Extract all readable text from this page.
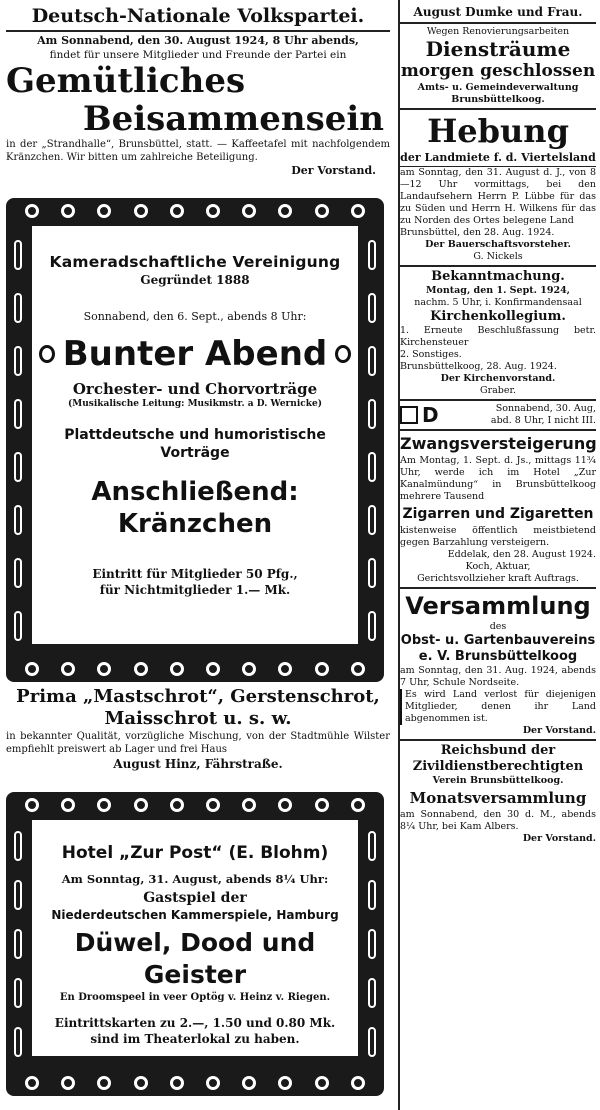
Deutsch-Nationale Volkspartei.
Am Sonnabend, den 30. August 1924, 8 Uhr abends,
findet für unsere Mitglieder und Freunde der Partei ein
Gemütliches
Beisammensein
in der „Strandhalle“, Brunsbüttel, statt. — Kaffeetafel mit nachfolgendem Kränzchen. Wir bitten um zahlreiche Beteiligung.
Der Vorstand.
Kameradschaftliche Vereinigung
Gegründet 1888
Sonnabend, den 6. Sept., abends 8 Uhr:
Bunter Abend
Orchester- und Chorvorträge
(Musikalische Leitung: Musikmstr. a D. Wernicke)
Plattdeutsche und humoristische Vorträge
Anschließend: Kränzchen
Eintritt für Mitglieder 50 Pfg.,
für Nichtmitglieder 1.— Mk.
Prima „Mastschrot“, Gerstenschrot,
Maisschrot u. s. w.
in bekannter Qualität, vorzügliche Mischung, von der Stadtmühle Wilster empfiehlt preiswert ab Lager und frei Haus
August Hinz, Fährstraße.
Hotel „Zur Post“ (E. Blohm)
Am Sonntag, 31. August, abends 8¼ Uhr:
Gastspiel der
Niederdeutschen Kammerspiele, Hamburg
Düwel, Dood und Geister
En Droomspeel in veer Optög v. Heinz v. Riegen.
Eintrittskarten zu 2.—, 1.50 und 0.80 Mk.
sind im Theaterlokal zu haben.
August Dumke und Frau.
Wegen Renovierungsarbeiten
Diensträume
morgen geschlossen
Amts- u. Gemeindeverwaltung
Brunsbüttelkoog.
Hebung
der Landmiete f. d. Viertelsland
am Sonntag, den 31. August d. J., von 8—12 Uhr vormittags, bei den Landaufsehern Herrn P. Lübbe für das zu Süden und Herrn H. Wilkens für das zu Norden des Ortes belegene Land
Brunsbüttel, den 28. Aug. 1924.
Der Bauerschaftsvorsteher.
G. Nickels
Bekanntmachung.
Montag, den 1. Sept. 1924,
nachm. 5 Uhr, i. Konfirmandensaal
Kirchenkollegium.
1. Erneute Beschlußfassung betr. Kirchensteuer
2. Sonstiges.
Brunsbüttelkoog, 28. Aug. 1924.
Der Kirchenvorstand.
Graber.
D	Sonnabend, 30. Aug,
abd. 8 Uhr, I nicht III.
Zwangsversteigerung
Am Montag, 1. Sept. d. Js., mittags 11¾ Uhr, werde ich im Hotel „Zur Kanalmündung“ in Brunsbüttelkoog mehrere Tausend
Zigarren und Zigaretten
kistenweise öffentlich meistbietend gegen Barzahlung versteigern.
Eddelak, den 28. August 1924.
Koch, Aktuar,
Gerichtsvollzieher kraft Auftrags.
Versammlung
des
Obst- u. Gartenbauvereins
e. V. Brunsbüttelkoog
am Sonntag, den 31. Aug. 1924, abends 7 Uhr, Schule Nordseite.
Es wird Land verlost für diejenigen Mitglieder, denen ihr Land abgenommen ist.
Der Vorstand.
Reichsbund der
Zivildienstberechtigten
Verein Brunsbüttelkoog.
Monatsversammlung
am Sonnabend, den 30 d. M., abends 8¼ Uhr, bei Kam Albers.
Der Vorstand.
